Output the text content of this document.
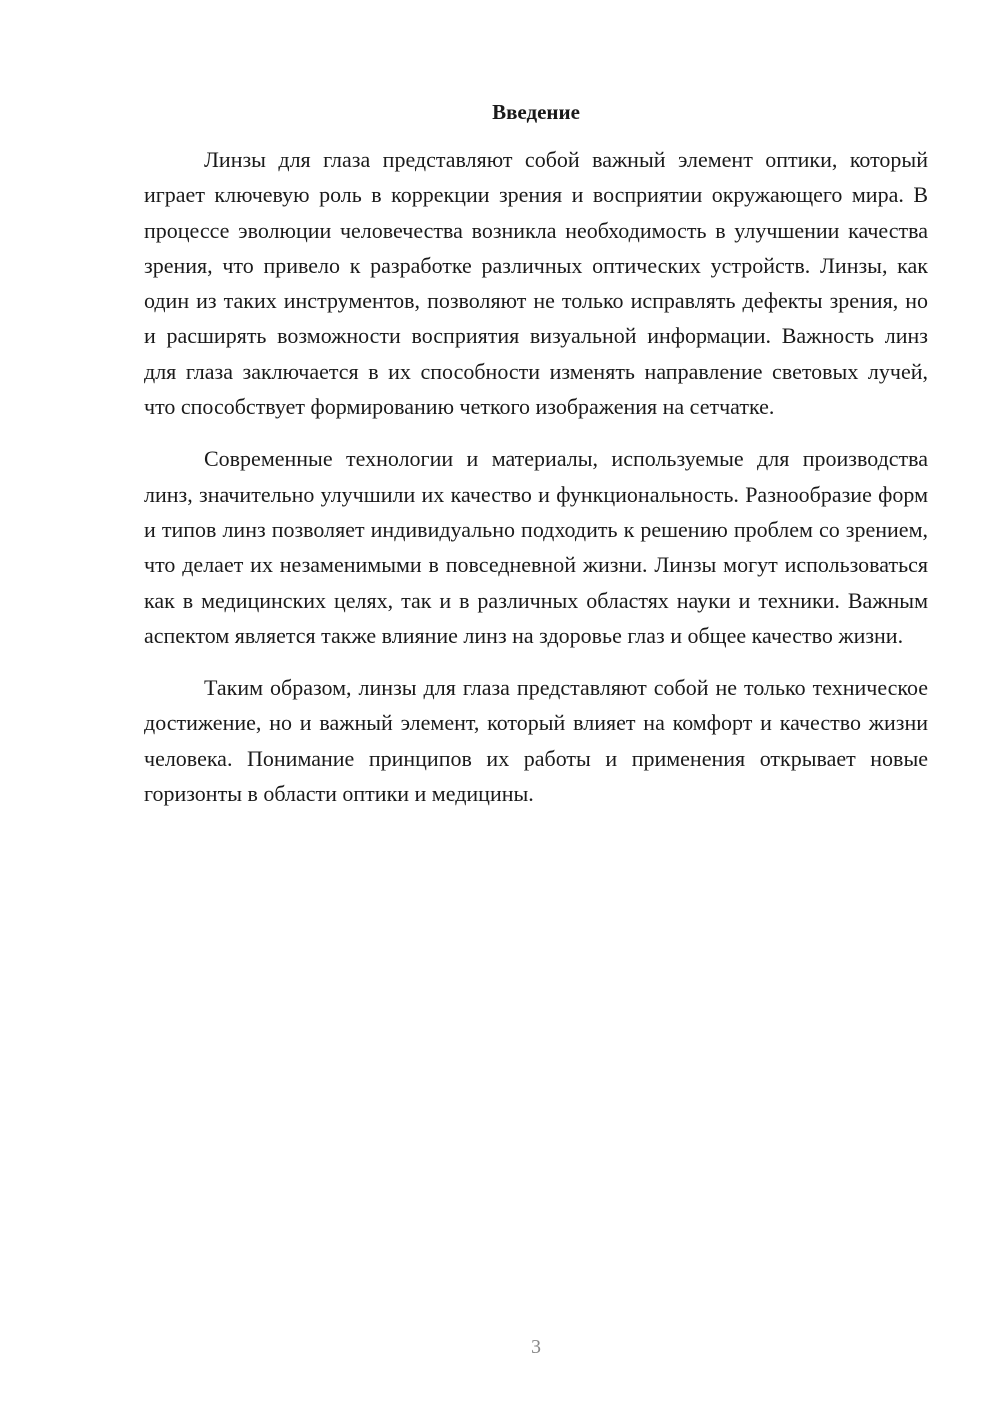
Введение

Линзы для глаза представляют собой важный элемент оптики, который играет ключевую роль в коррекции зрения и восприятии окружающего мира. В процессе эволюции человечества возникла необходимость в улучшении качества зрения, что привело к разработке различных оптических устройств. Линзы, как один из таких инструментов, позволяют не только исправлять дефекты зрения, но и расширять возможности восприятия визуальной информации. Важность линз для глаза заключается в их способности изменять направление световых лучей, что способствует формированию четкого изображения на сетчатке.

Современные технологии и материалы, используемые для производства линз, значительно улучшили их качество и функциональность. Разнообразие форм и типов линз позволяет индивидуально подходить к решению проблем со зрением, что делает их незаменимыми в повседневной жизни. Линзы могут использоваться как в медицинских целях, так и в различных областях науки и техники. Важным аспектом является также влияние линз на здоровье глаз и общее качество жизни.

Таким образом, линзы для глаза представляют собой не только техническое достижение, но и важный элемент, который влияет на комфорт и качество жизни человека. Понимание принципов их работы и применения открывает новые горизонты в области оптики и медицины.

3
